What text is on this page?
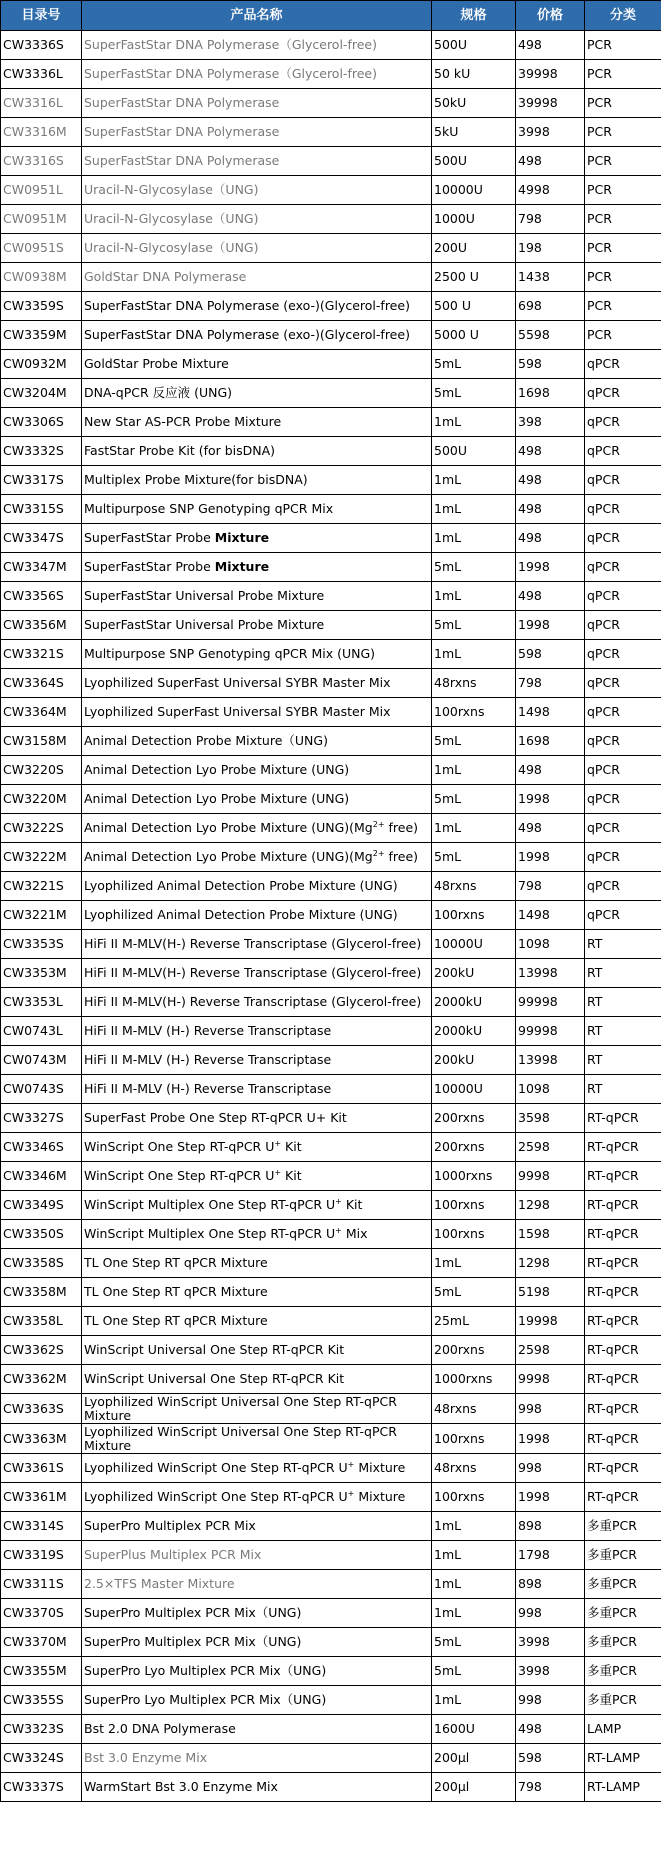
目录号	产品名称	规格	价格	分类
CW3336S	SuperFastStar DNA Polymerase（Glycerol-free)	500U	498	PCR
CW3336L	SuperFastStar DNA Polymerase（Glycerol-free)	50 kU	39998	PCR
CW3316L	SuperFastStar DNA Polymerase	50kU	39998	PCR
CW3316M	SuperFastStar DNA Polymerase	5kU	3998	PCR
CW3316S	SuperFastStar DNA Polymerase	500U	498	PCR
CW0951L	Uracil-N-Glycosylase（UNG)	10000U	4998	PCR
CW0951M	Uracil-N-Glycosylase（UNG)	1000U	798	PCR
CW0951S	Uracil-N-Glycosylase（UNG)	200U	198	PCR
CW0938M	GoldStar DNA Polymerase	2500 U	1438	PCR
CW3359S	SuperFastStar DNA Polymerase (exo-)(Glycerol-free)	500 U	698	PCR
CW3359M	SuperFastStar DNA Polymerase (exo-)(Glycerol-free)	5000 U	5598	PCR
CW0932M	GoldStar Probe Mixture	5mL	598	qPCR
CW3204M	DNA-qPCR 反应液 (UNG)	5mL	1698	qPCR
CW3306S	New Star AS-PCR Probe Mixture	1mL	398	qPCR
CW3332S	FastStar Probe Kit (for bisDNA)	500U	498	qPCR
CW3317S	Multiplex Probe Mixture(for bisDNA)	1mL	498	qPCR
CW3315S	Multipurpose SNP Genotyping qPCR Mix	1mL	498	qPCR
CW3347S	SuperFastStar Probe Mixture	1mL	498	qPCR
CW3347M	SuperFastStar Probe Mixture	5mL	1998	qPCR
CW3356S	SuperFastStar Universal Probe Mixture	1mL	498	qPCR
CW3356M	SuperFastStar Universal Probe Mixture	5mL	1998	qPCR
CW3321S	Multipurpose SNP Genotyping qPCR Mix (UNG)	1mL	598	qPCR
CW3364S	Lyophilized SuperFast Universal SYBR Master Mix	48rxns	798	qPCR
CW3364M	Lyophilized SuperFast Universal SYBR Master Mix	100rxns	1498	qPCR
CW3158M	Animal Detection Probe Mixture（UNG)	5mL	1698	qPCR
CW3220S	Animal Detection Lyo Probe Mixture (UNG)	1mL	498	qPCR
CW3220M	Animal Detection Lyo Probe Mixture (UNG)	5mL	1998	qPCR
CW3222S	Animal Detection Lyo Probe Mixture $(UNG)(Mg^{2+}$ free)	1mL	498	qPCR
CW3222M	Animal Detection Lyo Probe Mixture $(UNG)(Mg^{2+}$ free)	5mL	1998	qPCR
CW3221S	Lyophilized Animal Detection Probe Mixture (UNG)	48rxns	798	qPCR
CW3221M	Lyophilized Animal Detection Probe Mixture (UNG)	100rxns	1498	qPCR
CW3353S	HiFi II M-MLV(H-) Reverse Transcriptase (Glycerol-free)	10000U	1098	RT
CW3353M	HiFi II M-MLV(H-) Reverse Transcriptase (Glycerol-free)	200kU	13998	RT
CW3353L	HiFi II M-MLV(H-) Reverse Transcriptase (Glycerol-free)	2000kU	99998	RT
CW0743L	HiFi II M-MLV (H-) Reverse Transcriptase	2000kU	99998	RT
CW0743M	HiFi II M-MLV (H-) Reverse Transcriptase	200kU	13998	RT
CW0743S	HiFi II M-MLV (H-) Reverse Transcriptase	10000U	1098	RT
CW3327S	SuperFast Probe One Step RT-qPCR U+ Kit	200rxns	3598	RT-qPCR
CW3346S	WinScript One Step RT-qPCR U+ Kit	200rxns	2598	RT-qPCR
CW3346M	WinScript One Step RT-qPCR U+ Kit	1000rxns	9998	RT-qPCR
CW3349S	WinScript Multiplex One Step RT-qPCR U+ Kit	100rxns	1298	RT-qPCR
CW3350S	WinScript Multiplex One Step RT-qPCR U+ Mix	100rxns	1598	RT-qPCR
CW3358S	TL One Step RT qPCR Mixture	1mL	1298	RT-qPCR
CW3358M	TL One Step RT qPCR Mixture	5mL	5198	RT-qPCR
CW3358L	TL One Step RT qPCR Mixture	25mL	19998	RT-qPCR
CW3362S	WinScript Universal One Step RT-qPCR Kit	200rxns	2598	RT-qPCR
CW3362M	WinScript Universal One Step RT-qPCR Kit	1000rxns	9998	RT-qPCR
CW3363S	Lyophilized WinScript Universal One Step RT-qPCR Mixture	48rxns	998	RT-qPCR
CW3363M	Lyophilized WinScript Universal One Step RT-qPCR Mixture	100rxns	1998	RT-qPCR
CW3361S	Lyophilized WinScript One Step RT-qPCR U+ Mixture	48rxns	998	RT-qPCR
CW3361M	Lyophilized WinScript One Step RT-qPCR U+ Mixture	100rxns	1998	RT-qPCR
CW3314S	SuperPro Multiplex PCR Mix	1mL	898	多重PCR
CW3319S	SuperPlus Multiplex PCR Mix	1mL	1798	多重PCR
CW3311S	2.5×TFS Master Mixture	1mL	898	多重PCR
CW3370S	SuperPro Multiplex PCR Mix（UNG)	1mL	998	多重PCR
CW3370M	SuperPro Multiplex PCR Mix（UNG)	5mL	3998	多重PCR
CW3355M	SuperPro Lyo Multiplex PCR Mix（UNG)	5mL	3998	多重PCR
CW3355S	SuperPro Lyo Multiplex PCR Mix（UNG)	1mL	998	多重PCR
CW3323S	Bst 2.0 DNA Polymerase	1600U	498	LAMP
CW3324S	Bst 3.0 Enzyme Mix	200μl	598	RT-LAMP
CW3337S	WarmStart Bst 3.0 Enzyme Mix	200μl	798	RT-LAMP
